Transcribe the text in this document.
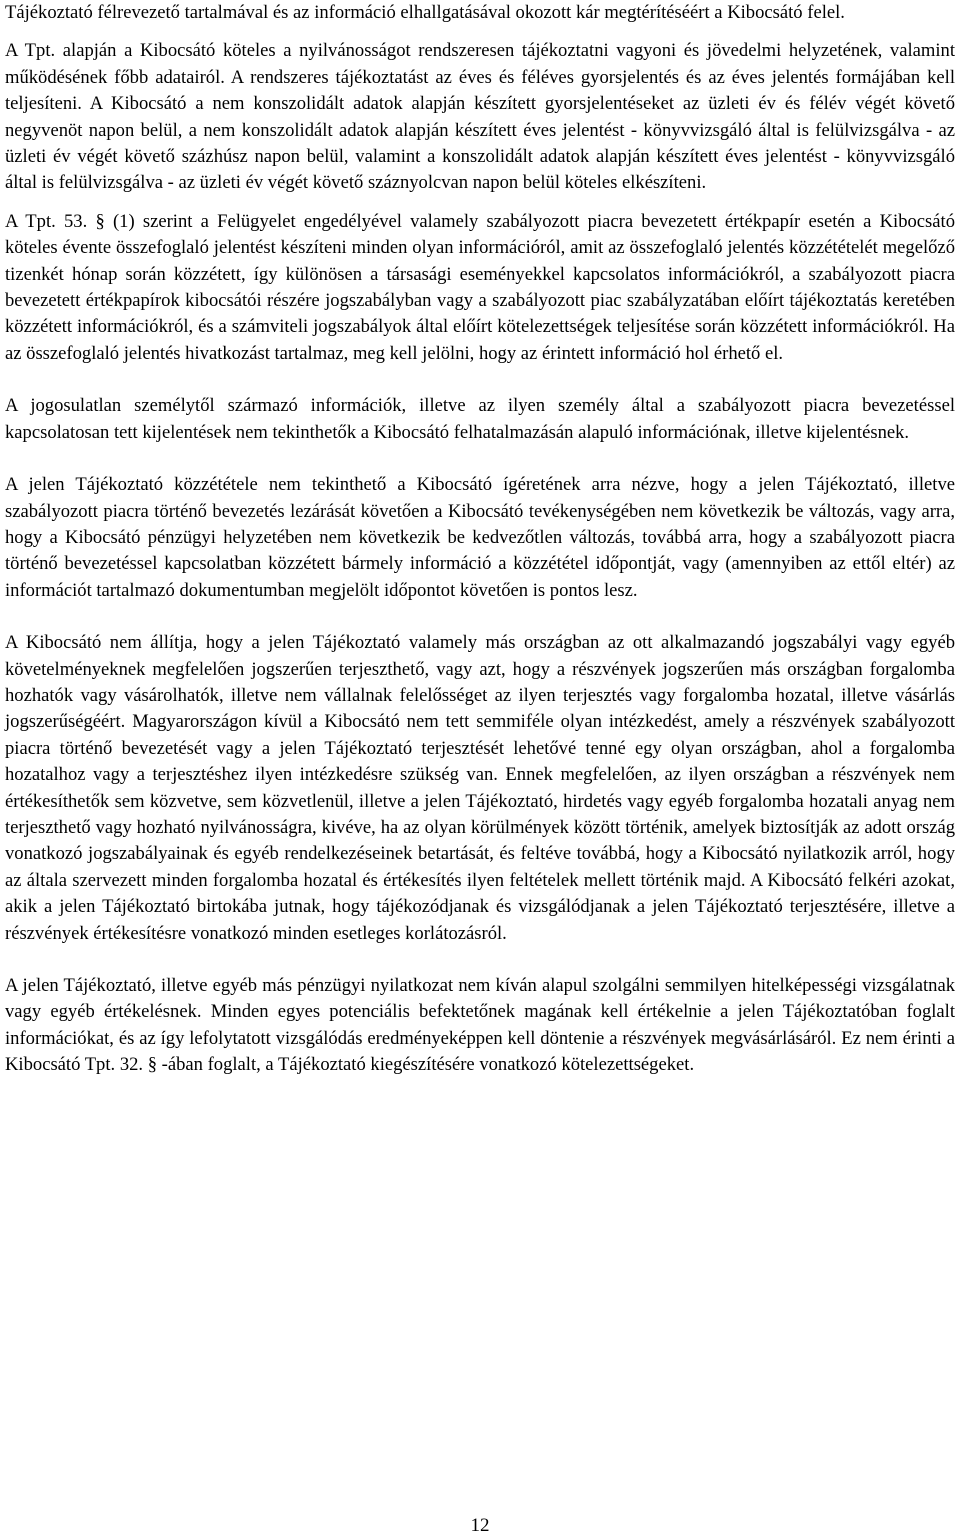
Tájékoztató félrevezető tartalmával és az információ elhallgatásával okozott kár megtérítéséért a Kibocsátó felel.

A Tpt. alapján a Kibocsátó köteles a nyilvánosságot rendszeresen tájékoztatni vagyoni és jövedelmi helyzetének, valamint működésének főbb adatairól. A rendszeres tájékoztatást az éves és féléves gyorsjelentés és az éves jelentés formájában kell teljesíteni. A Kibocsátó a nem konszolidált adatok alapján készített gyorsjelentéseket az üzleti év és félév végét követő negyvenöt napon belül, a nem konszolidált adatok alapján készített éves jelentést - könyvvizsgáló által is felülvizsgálva - az üzleti év végét követő százhúsz napon belül, valamint a konszolidált adatok alapján készített éves jelentést - könyvvizsgáló által is felülvizsgálva - az üzleti év végét követő száznyolcvan napon belül köteles elkészíteni.

A Tpt. 53. § (1) szerint a Felügyelet engedélyével valamely szabályozott piacra bevezetett értékpapír esetén a Kibocsátó köteles évente összefoglaló jelentést készíteni minden olyan információról, amit az összefoglaló jelentés közzétételét megelőző tizenkét hónap során közzétett, így különösen a társasági eseményekkel kapcsolatos információkról, a szabályozott piacra bevezetett értékpapírok kibocsátói részére jogszabályban vagy a szabályozott piac szabályzatában előírt tájékoztatás keretében közzétett információkról, és a számviteli jogszabályok által előírt kötelezettségek teljesítése során közzétett információkról. Ha az összefoglaló jelentés hivatkozást tartalmaz, meg kell jelölni, hogy az érintett információ hol érhető el.

A jogosulatlan személytől származó információk, illetve az ilyen személy által a szabályozott piacra bevezetéssel kapcsolatosan tett kijelentések nem tekinthetők a Kibocsátó felhatalmazásán alapuló információnak, illetve kijelentésnek.

A jelen Tájékoztató közzététele nem tekinthető a Kibocsátó ígéretének arra nézve, hogy a jelen Tájékoztató, illetve szabályozott piacra történő bevezetés lezárását követően a Kibocsátó tevékenységében nem következik be változás, vagy arra, hogy a Kibocsátó pénzügyi helyzetében nem következik be kedvezőtlen változás, továbbá arra, hogy a szabályozott piacra történő bevezetéssel kapcsolatban közzétett bármely információ a közzététel időpontját, vagy (amennyiben az ettől eltér) az információt tartalmazó dokumentumban megjelölt időpontot követően is pontos lesz.

A Kibocsátó nem állítja, hogy a jelen Tájékoztató valamely más országban az ott alkalmazandó jogszabályi vagy egyéb követelményeknek megfelelően jogszerűen terjeszthető, vagy azt, hogy a részvények jogszerűen más országban forgalomba hozhatók vagy vásárolhatók, illetve nem vállalnak felelősséget az ilyen terjesztés vagy forgalomba hozatal, illetve vásárlás jogszerűségéért. Magyarországon kívül a Kibocsátó nem tett semmiféle olyan intézkedést, amely a részvények szabályozott piacra történő bevezetését vagy a jelen Tájékoztató terjesztését lehetővé tenné egy olyan országban, ahol a forgalomba hozatalhoz vagy a terjesztéshez ilyen intézkedésre szükség van. Ennek megfelelően, az ilyen országban a részvények nem értékesíthetők sem közvetve, sem közvetlenül, illetve a jelen Tájékoztató, hirdetés vagy egyéb forgalomba hozatali anyag nem terjeszthető vagy hozható nyilvánosságra, kivéve, ha az olyan körülmények között történik, amelyek biztosítják az adott ország vonatkozó jogszabályainak és egyéb rendelkezéseinek betartását, és feltéve továbbá, hogy a Kibocsátó nyilatkozik arról, hogy az általa szervezett minden forgalomba hozatal és értékesítés ilyen feltételek mellett történik majd. A Kibocsátó felkéri azokat, akik a jelen Tájékoztató birtokába jutnak, hogy tájékozódjanak és vizsgálódjanak a jelen Tájékoztató terjesztésére, illetve a részvények értékesítésre vonatkozó minden esetleges korlátozásról.

A jelen Tájékoztató, illetve egyéb más pénzügyi nyilatkozat nem kíván alapul szolgálni semmilyen hitelképességi vizsgálatnak vagy egyéb értékelésnek. Minden egyes potenciális befektetőnek magának kell értékelnie a jelen Tájékoztatóban foglalt információkat, és az így lefolytatott vizsgálódás eredményeképpen kell döntenie a részvények megvásárlásáról. Ez nem érinti a Kibocsátó Tpt. 32. § -ában foglalt, a Tájékoztató kiegészítésére vonatkozó kötelezettségeket.

12
